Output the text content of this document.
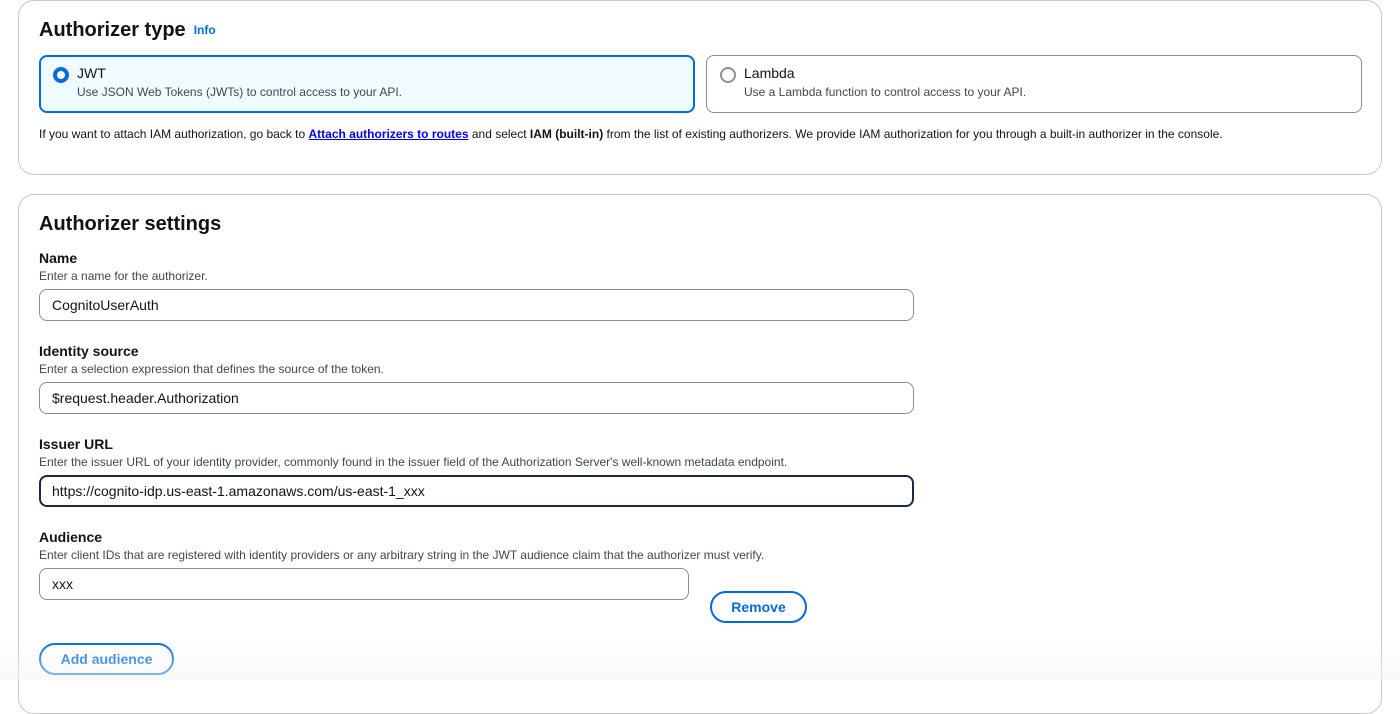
Authorizer type Info
JWT
Use JSON Web Tokens (JWTs) to control access to your API.
Lambda
Use a Lambda function to control access to your API.
If you want to attach IAM authorization, go back to Attach authorizers to routes and select IAM (built-in) from the list of existing authorizers. We provide IAM authorization for you through a built-in authorizer in the console.
Authorizer settings
Name
Enter a name for the authorizer.
CognitoUserAuth
Identity source
Enter a selection expression that defines the source of the token.
$request.header.Authorization
Issuer URL
Enter the issuer URL of your identity provider, commonly found in the issuer field of the Authorization Server's well-known metadata endpoint.
https://cognito-idp.us-east-1.amazonaws.com/us-east-1_xxx
Audience
Enter client IDs that are registered with identity providers or any arbitrary string in the JWT audience claim that the authorizer must verify.
xxx
Remove
Add audience
